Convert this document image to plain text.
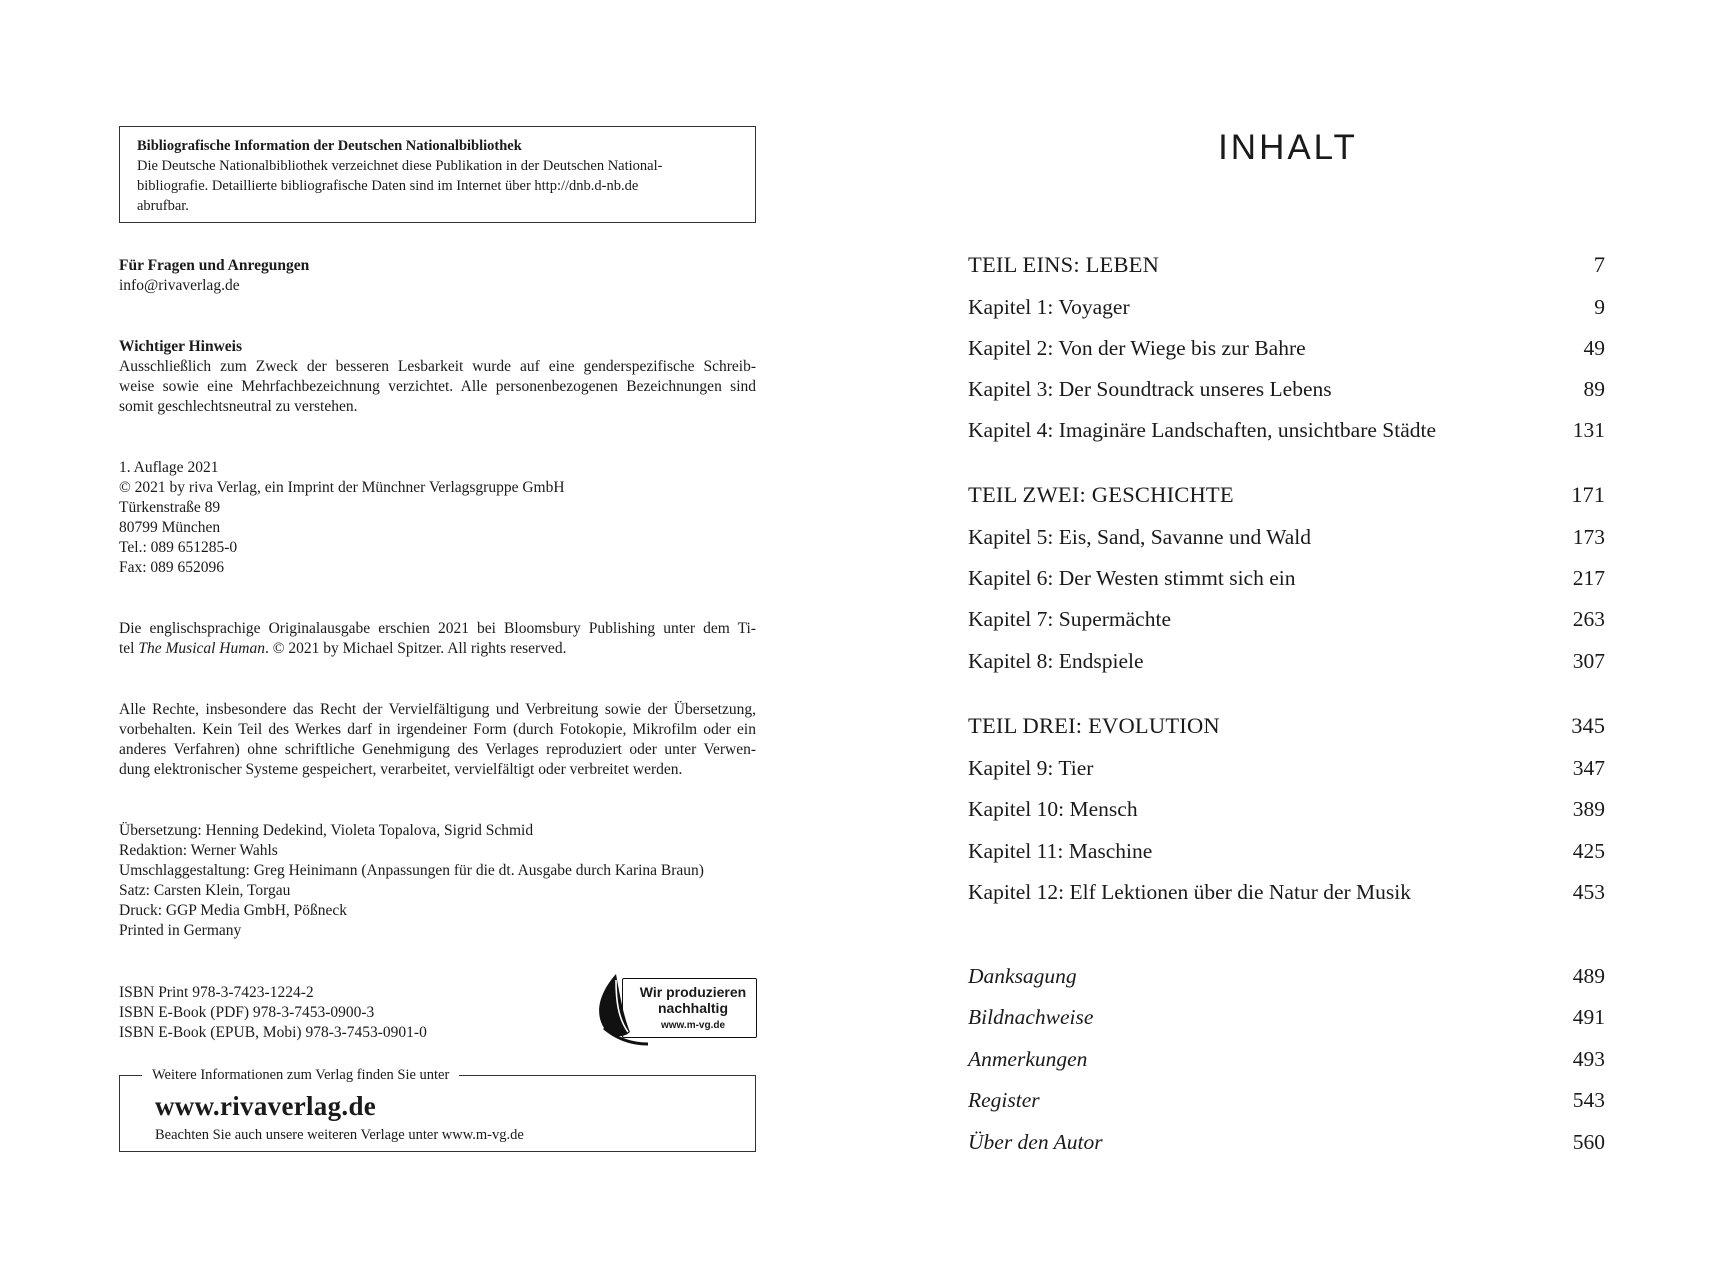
Bibliografische Information der Deutschen Nationalbibliothek
Die Deutsche Nationalbibliothek verzeichnet diese Publikation in der Deutschen National-
bibliografie. Detaillierte bibliografische Daten sind im Internet über http://dnb.d-nb.de
abrufbar.
Für Fragen und Anregungen
info@rivaverlag.de
Wichtiger Hinweis
Ausschließlich zum Zweck der besseren Lesbarkeit wurde auf eine genderspezifische Schreib-
weise sowie eine Mehrfachbezeichnung verzichtet. Alle personenbezogenen Bezeichnungen sind
somit geschlechtsneutral zu verstehen.
1. Auflage 2021
© 2021 by riva Verlag, ein Imprint der Münchner Verlagsgruppe GmbH
Türkenstraße 89
80799 München
Tel.: 089 651285-0
Fax: 089 652096
Die englischsprachige Originalausgabe erschien 2021 bei Bloomsbury Publishing unter dem Ti-
tel The Musical Human. © 2021 by Michael Spitzer. All rights reserved.
Alle Rechte, insbesondere das Recht der Vervielfältigung und Verbreitung sowie der Übersetzung,
vorbehalten. Kein Teil des Werkes darf in irgendeiner Form (durch Fotokopie, Mikrofilm oder ein
anderes Verfahren) ohne schriftliche Genehmigung des Verlages reproduziert oder unter Verwen-
dung elektronischer Systeme gespeichert, verarbeitet, vervielfältigt oder verbreitet werden.
Übersetzung: Henning Dedekind, Violeta Topalova, Sigrid Schmid
Redaktion: Werner Wahls
Umschlaggestaltung: Greg Heinimann (Anpassungen für die dt. Ausgabe durch Karina Braun)
Satz: Carsten Klein, Torgau
Druck: GGP Media GmbH, Pößneck
Printed in Germany
ISBN Print 978-3-7423-1224-2
ISBN E-Book (PDF) 978-3-7453-0900-3
ISBN E-Book (EPUB, Mobi) 978-3-7453-0901-0
Wir produzieren
nachhaltig
www.m-vg.de
Weitere Informationen zum Verlag finden Sie unter
www.rivaverlag.de
Beachten Sie auch unsere weiteren Verlage unter www.m-vg.de
INHALT
TEIL EINS: LEBEN	7
Kapitel 1: Voyager	9
Kapitel 2: Von der Wiege bis zur Bahre	49
Kapitel 3: Der Soundtrack unseres Lebens	89
Kapitel 4: Imaginäre Landschaften, unsichtbare Städte	131
TEIL ZWEI: GESCHICHTE	171
Kapitel 5: Eis, Sand, Savanne und Wald	173
Kapitel 6: Der Westen stimmt sich ein	217
Kapitel 7: Supermächte	263
Kapitel 8: Endspiele	307
TEIL DREI: EVOLUTION	345
Kapitel 9: Tier	347
Kapitel 10: Mensch	389
Kapitel 11: Maschine	425
Kapitel 12: Elf Lektionen über die Natur der Musik	453
Danksagung	489
Bildnachweise	491
Anmerkungen	493
Register	543
Über den Autor	560
